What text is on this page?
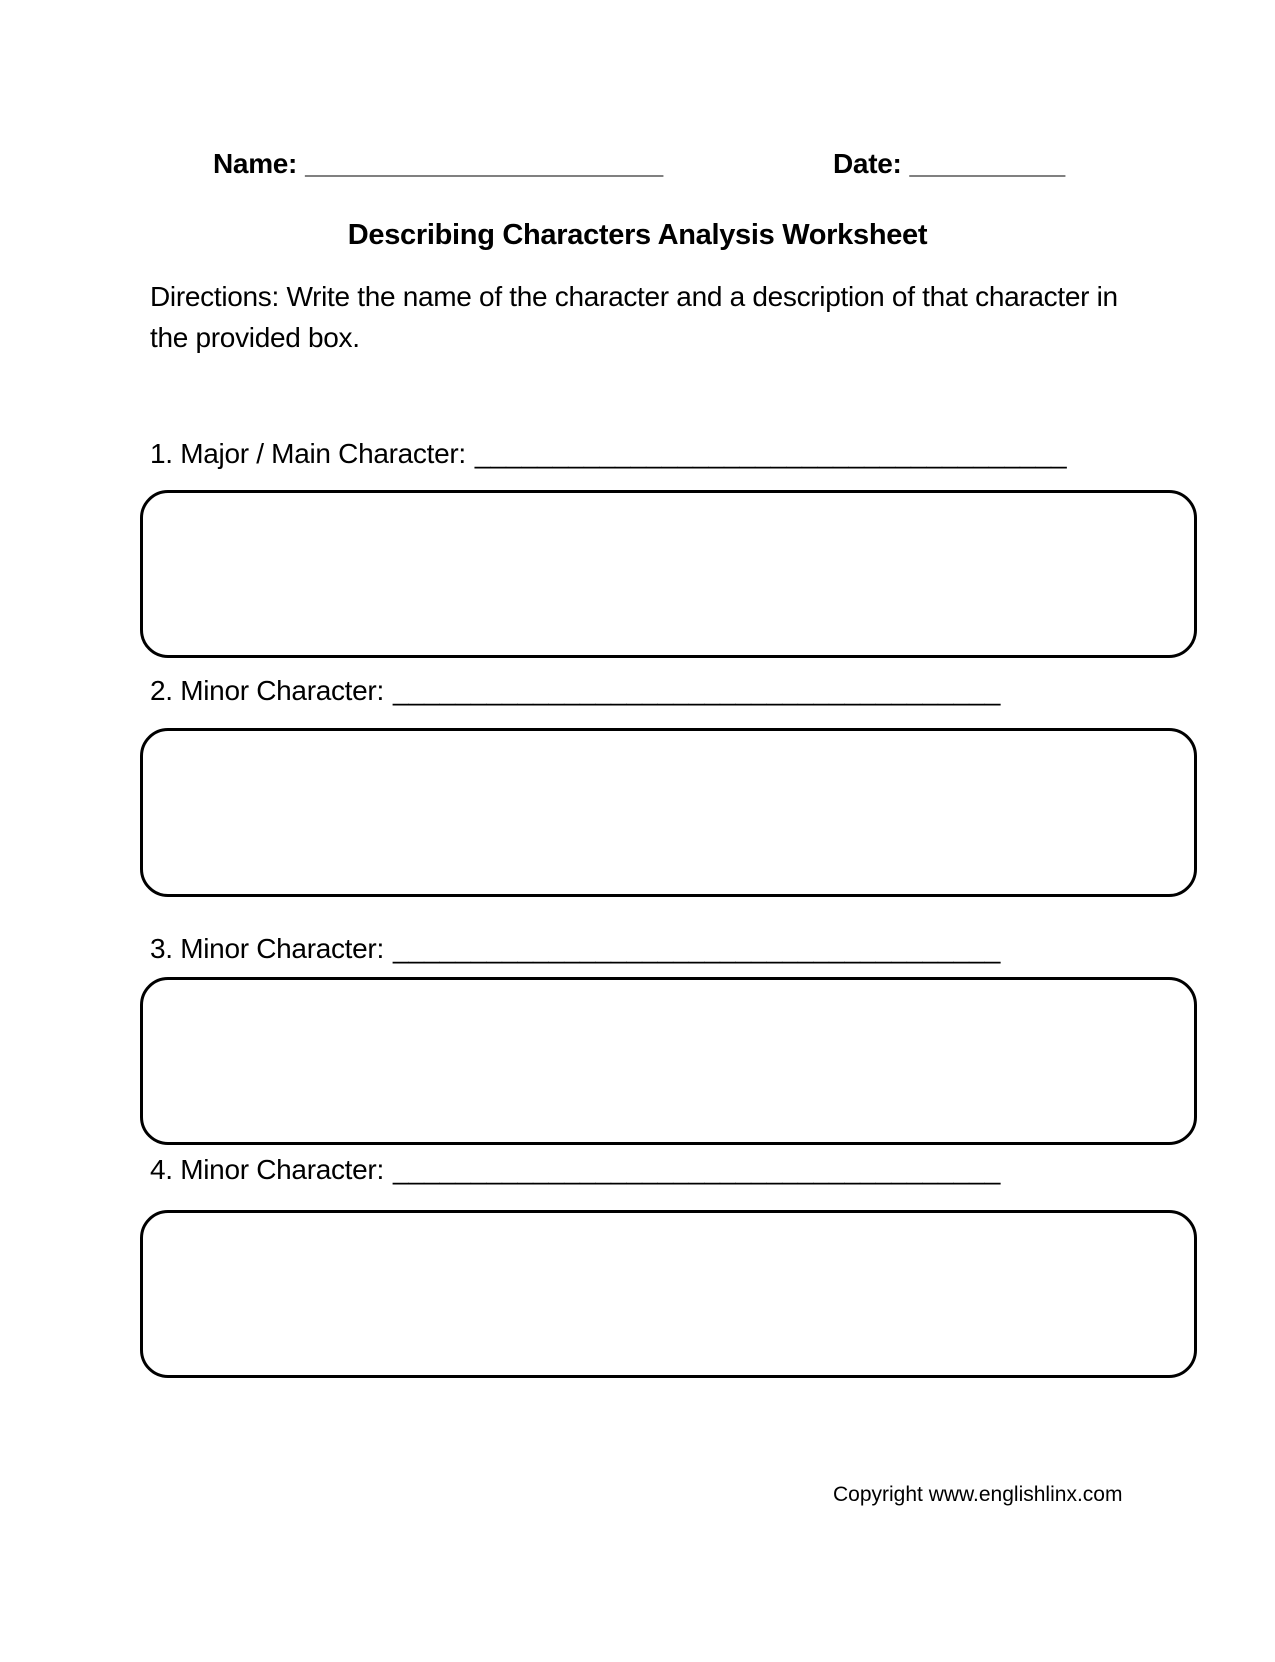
Name: _______________________	Date: __________
Describing Characters Analysis Worksheet
Directions: Write the name of the character and a description of that character in the provided box.
1. Major / Main Character: ______________________________________
2. Minor Character: _______________________________________
3. Minor Character: _______________________________________
4. Minor Character: _______________________________________
Copyright www.englishlinx.com
